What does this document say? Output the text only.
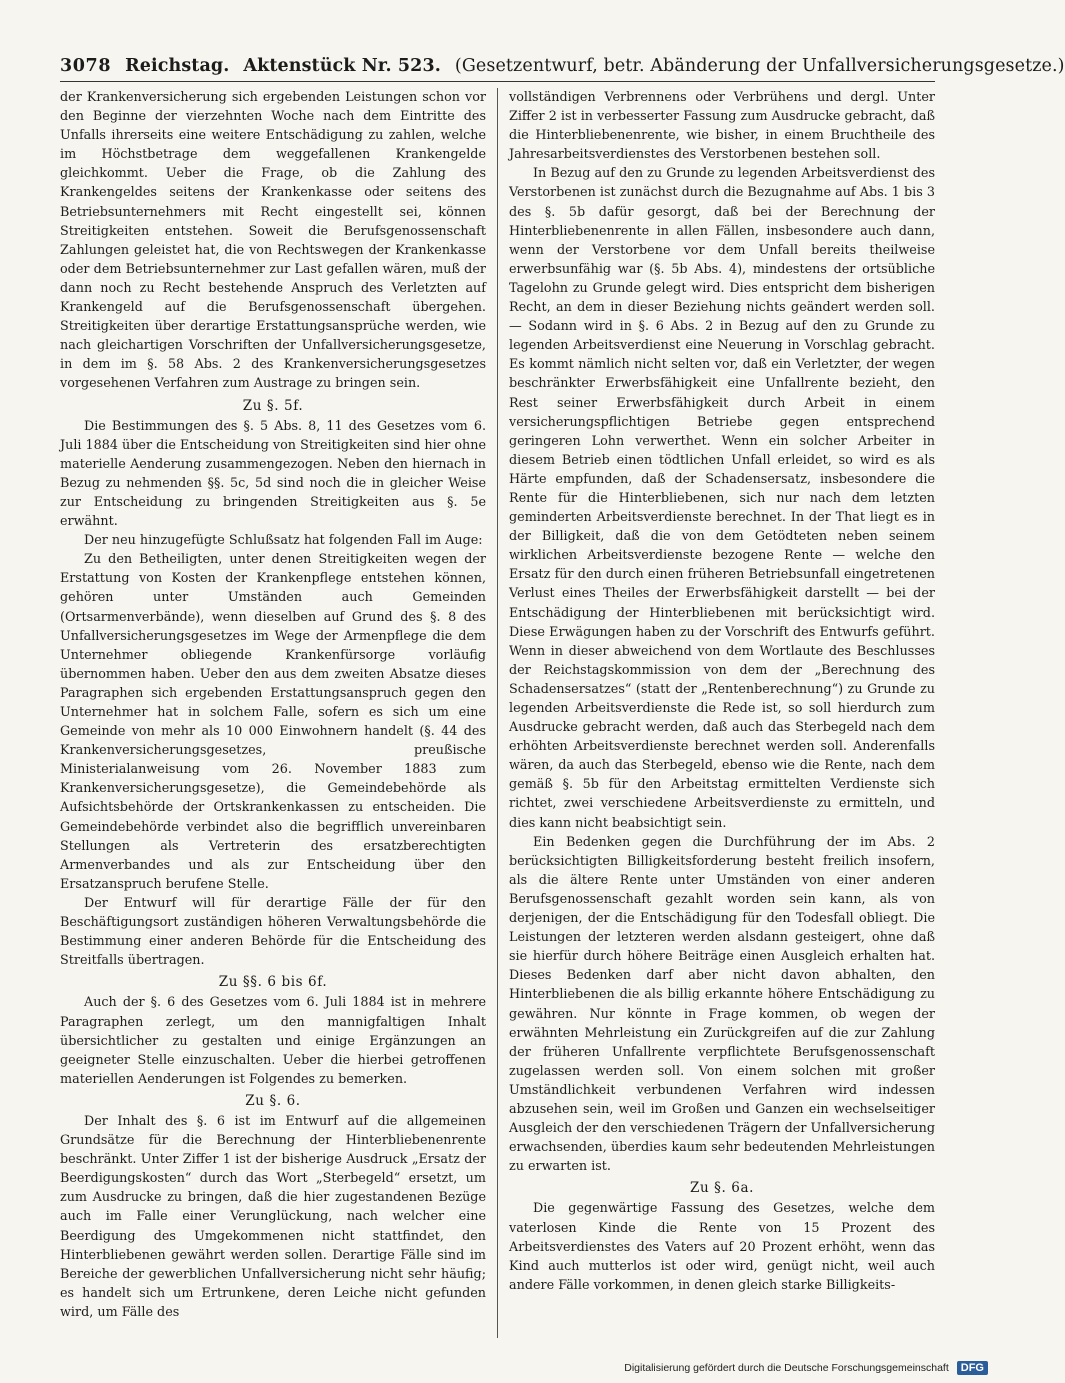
3078 Reichstag. Aktenstück Nr. 523. (Gesetzentwurf, betr. Abänderung der Unfallversicherungsgesetze.)

der Krankenversicherung sich ergebenden Leistungen schon vor den Beginne der vierzehnten Woche nach dem Eintritte des Unfalls ihrerseits eine weitere Entschädigung zu zahlen, welche im Höchstbetrage dem weggefallenen Krankengelde gleichkommt. Ueber die Frage, ob die Zahlung des Krankengeldes seitens der Krankenkasse oder seitens des Betriebsunternehmers mit Recht eingestellt sei, können Streitigkeiten entstehen. Soweit die Berufsgenossenschaft Zahlungen geleistet hat, die von Rechtswegen der Krankenkasse oder dem Betriebsunternehmer zur Last gefallen wären, muß der dann noch zu Recht bestehende Anspruch des Verletzten auf Krankengeld auf die Berufsgenossenschaft übergehen. Streitigkeiten über derartige Erstattungsansprüche werden, wie nach gleichartigen Vorschriften der Unfallversicherungsgesetze, in dem im §. 58 Abs. 2 des Krankenversicherungsgesetzes vorgesehenen Verfahren zum Austrage zu bringen sein.

Zu §. 5f.

Die Bestimmungen des §. 5 Abs. 8, 11 des Gesetzes vom 6. Juli 1884 über die Entscheidung von Streitigkeiten sind hier ohne materielle Aenderung zusammengezogen. Neben den hiernach in Bezug zu nehmenden §§. 5c, 5d sind noch die in gleicher Weise zur Entscheidung zu bringenden Streitigkeiten aus §. 5e erwähnt.

Der neu hinzugefügte Schlußsatz hat folgenden Fall im Auge:

Zu den Betheiligten, unter denen Streitigkeiten wegen der Erstattung von Kosten der Krankenpflege entstehen können, gehören unter Umständen auch Gemeinden (Ortsarmenverbände), wenn dieselben auf Grund des §. 8 des Unfallversicherungsgesetzes im Wege der Armenpflege die dem Unternehmer obliegende Krankenfürsorge vorläufig übernommen haben. Ueber den aus dem zweiten Absatze dieses Paragraphen sich ergebenden Erstattungsanspruch gegen den Unternehmer hat in solchem Falle, sofern es sich um eine Gemeinde von mehr als 10 000 Einwohnern handelt (§. 44 des Krankenversicherungsgesetzes, preußische Ministerialanweisung vom 26. November 1883 zum Krankenversicherungsgesetze), die Gemeindebehörde als Aufsichtsbehörde der Ortskrankenkassen zu entscheiden. Die Gemeindebehörde verbindet also die begrifflich unvereinbaren Stellungen als Vertreterin des ersatzberechtigten Armenverbandes und als zur Entscheidung über den Ersatzanspruch berufene Stelle.

Der Entwurf will für derartige Fälle der für den Beschäftigungsort zuständigen höheren Verwaltungsbehörde die Bestimmung einer anderen Behörde für die Entscheidung des Streitfalls übertragen.

Zu §§. 6 bis 6f.

Auch der §. 6 des Gesetzes vom 6. Juli 1884 ist in mehrere Paragraphen zerlegt, um den mannigfaltigen Inhalt übersichtlicher zu gestalten und einige Ergänzungen an geeigneter Stelle einzuschalten. Ueber die hierbei getroffenen materiellen Aenderungen ist Folgendes zu bemerken.

Zu §. 6.

Der Inhalt des §. 6 ist im Entwurf auf die allgemeinen Grundsätze für die Berechnung der Hinterbliebenenrente beschränkt. Unter Ziffer 1 ist der bisherige Ausdruck „Ersatz der Beerdigungskosten“ durch das Wort „Sterbegeld“ ersetzt, um zum Ausdrucke zu bringen, daß die hier zugestandenen Bezüge auch im Falle einer Verunglückung, nach welcher eine Beerdigung des Umgekommenen nicht stattfindet, den Hinterbliebenen gewährt werden sollen. Derartige Fälle sind im Bereiche der gewerblichen Unfallversicherung nicht sehr häufig; es handelt sich um Ertrunkene, deren Leiche nicht gefunden wird, um Fälle des

vollständigen Verbrennens oder Verbrühens und dergl. Unter Ziffer 2 ist in verbesserter Fassung zum Ausdrucke gebracht, daß die Hinterbliebenenrente, wie bisher, in einem Bruchtheile des Jahresarbeitsverdienstes des Verstorbenen bestehen soll.

In Bezug auf den zu Grunde zu legenden Arbeitsverdienst des Verstorbenen ist zunächst durch die Bezugnahme auf Abs. 1 bis 3 des §. 5b dafür gesorgt, daß bei der Berechnung der Hinterbliebenenrente in allen Fällen, insbesondere auch dann, wenn der Verstorbene vor dem Unfall bereits theilweise erwerbsunfähig war (§. 5b Abs. 4), mindestens der ortsübliche Tagelohn zu Grunde gelegt wird. Dies entspricht dem bisherigen Recht, an dem in dieser Beziehung nichts geändert werden soll. — Sodann wird in §. 6 Abs. 2 in Bezug auf den zu Grunde zu legenden Arbeitsverdienst eine Neuerung in Vorschlag gebracht. Es kommt nämlich nicht selten vor, daß ein Verletzter, der wegen beschränkter Erwerbsfähigkeit eine Unfallrente bezieht, den Rest seiner Erwerbsfähigkeit durch Arbeit in einem versicherungspflichtigen Betriebe gegen entsprechend geringeren Lohn verwerthet. Wenn ein solcher Arbeiter in diesem Betrieb einen tödtlichen Unfall erleidet, so wird es als Härte empfunden, daß der Schadensersatz, insbesondere die Rente für die Hinterbliebenen, sich nur nach dem letzten geminderten Arbeitsverdienste berechnet. In der That liegt es in der Billigkeit, daß die von dem Getödteten neben seinem wirklichen Arbeitsverdienste bezogene Rente — welche den Ersatz für den durch einen früheren Betriebsunfall eingetretenen Verlust eines Theiles der Erwerbsfähigkeit darstellt — bei der Entschädigung der Hinterbliebenen mit berücksichtigt wird. Diese Erwägungen haben zu der Vorschrift des Entwurfs geführt. Wenn in dieser abweichend von dem Wortlaute des Beschlusses der Reichstagskommission von dem der „Berechnung des Schadensersatzes“ (statt der „Rentenberechnung“) zu Grunde zu legenden Arbeitsverdienste die Rede ist, so soll hierdurch zum Ausdrucke gebracht werden, daß auch das Sterbegeld nach dem erhöhten Arbeitsverdienste berechnet werden soll. Anderenfalls wären, da auch das Sterbegeld, ebenso wie die Rente, nach dem gemäß §. 5b für den Arbeitstag ermittelten Verdienste sich richtet, zwei verschiedene Arbeitsverdienste zu ermitteln, und dies kann nicht beabsichtigt sein.

Ein Bedenken gegen die Durchführung der im Abs. 2 berücksichtigten Billigkeitsforderung besteht freilich insofern, als die ältere Rente unter Umständen von einer anderen Berufsgenossenschaft gezahlt worden sein kann, als von derjenigen, der die Entschädigung für den Todesfall obliegt. Die Leistungen der letzteren werden alsdann gesteigert, ohne daß sie hierfür durch höhere Beiträge einen Ausgleich erhalten hat. Dieses Bedenken darf aber nicht davon abhalten, den Hinterbliebenen die als billig erkannte höhere Entschädigung zu gewähren. Nur könnte in Frage kommen, ob wegen der erwähnten Mehrleistung ein Zurückgreifen auf die zur Zahlung der früheren Unfallrente verpflichtete Berufsgenossenschaft zugelassen werden soll. Von einem solchen mit großer Umständlichkeit verbundenen Verfahren wird indessen abzusehen sein, weil im Großen und Ganzen ein wechselseitiger Ausgleich der den verschiedenen Trägern der Unfallversicherung erwachsenden, überdies kaum sehr bedeutenden Mehrleistungen zu erwarten ist.

Zu §. 6a.

Die gegenwärtige Fassung des Gesetzes, welche dem vaterlosen Kinde die Rente von 15 Prozent des Arbeitsverdienstes des Vaters auf 20 Prozent erhöht, wenn das Kind auch mutterlos ist oder wird, genügt nicht, weil auch andere Fälle vorkommen, in denen gleich starke Billigkeits-

Digitalisierung gefördert durch die Deutsche Forschungsgemeinschaft	DFG
